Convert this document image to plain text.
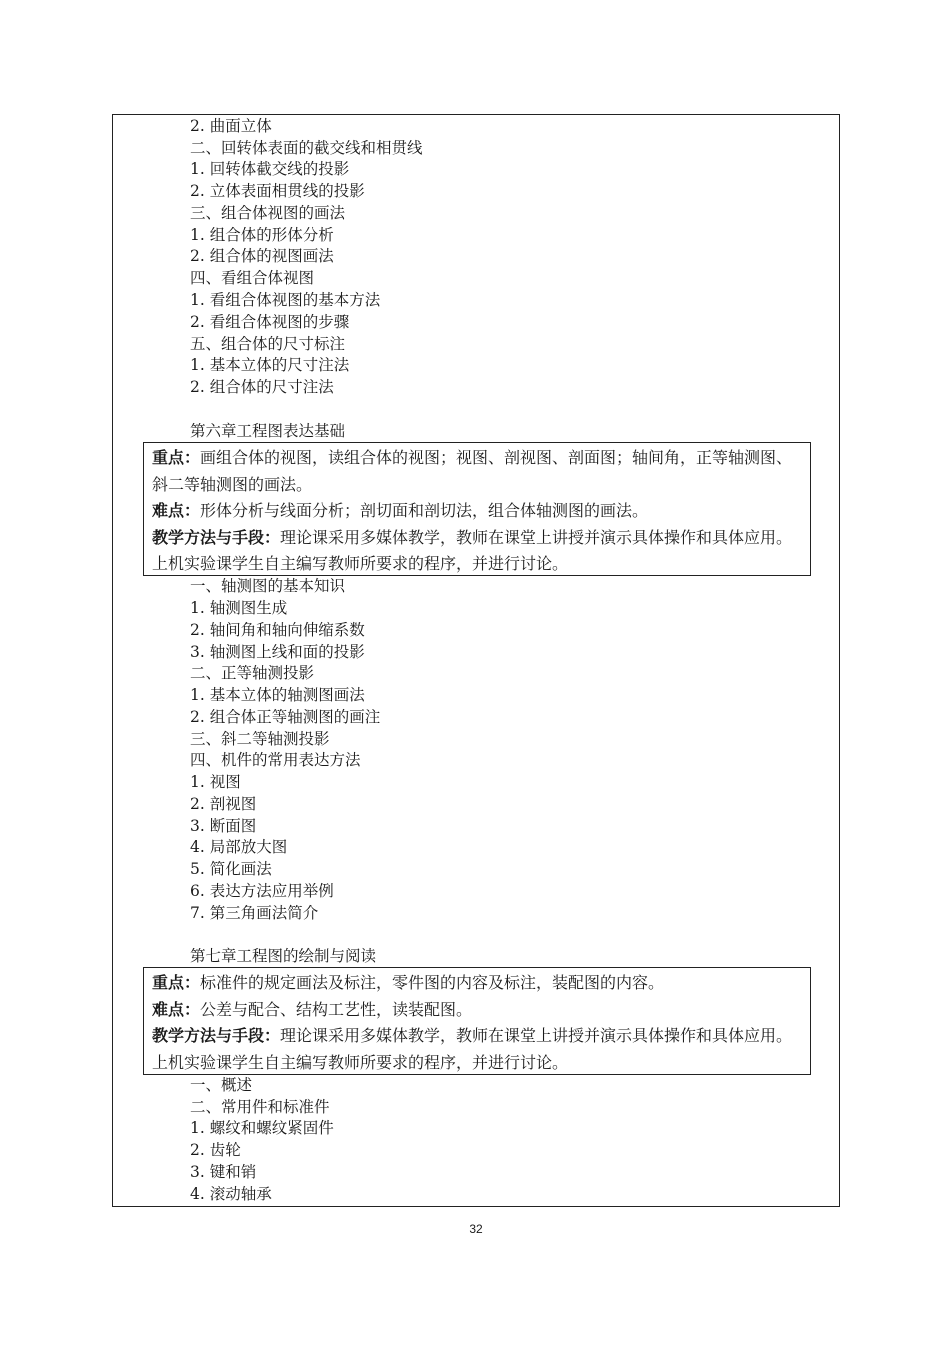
2. 曲面立体
二、回转体表面的截交线和相贯线
1. 回转体截交线的投影
2. 立体表面相贯线的投影
三、组合体视图的画法
1. 组合体的形体分析
2. 组合体的视图画法
四、看组合体视图
1. 看组合体视图的基本方法
2. 看组合体视图的步骤
五、组合体的尺寸标注
1. 基本立体的尺寸注法
2. 组合体的尺寸注法
第六章工程图表达基础

重点：画组合体的视图，读组合体的视图；视图、剖视图、剖面图；轴间角，正等轴测图、斜二等轴测图的画法。

难点：形体分析与线面分析；剖切面和剖切法，组合体轴测图的画法。

教学方法与手段：理论课采用多媒体教学，教师在课堂上讲授并演示具体操作和具体应用。上机实验课学生自主编写教师所要求的程序，并进行讨论。

一、轴测图的基本知识
1. 轴测图生成
2. 轴间角和轴向伸缩系数
3. 轴测图上线和面的投影
二、正等轴测投影
1. 基本立体的轴测图画法
2. 组合体正等轴测图的画注
三、斜二等轴测投影
四、机件的常用表达方法
1. 视图
2. 剖视图
3. 断面图
4. 局部放大图
5. 简化画法
6. 表达方法应用举例
7. 第三角画法简介
第七章工程图的绘制与阅读

重点：标准件的规定画法及标注，零件图的内容及标注，装配图的内容。

难点：公差与配合、结构工艺性，读装配图。

教学方法与手段：理论课采用多媒体教学，教师在课堂上讲授并演示具体操作和具体应用。上机实验课学生自主编写教师所要求的程序，并进行讨论。

一、概述
二、常用件和标准件
1. 螺纹和螺纹紧固件
2. 齿轮
3. 键和销
4. 滚动轴承
32
